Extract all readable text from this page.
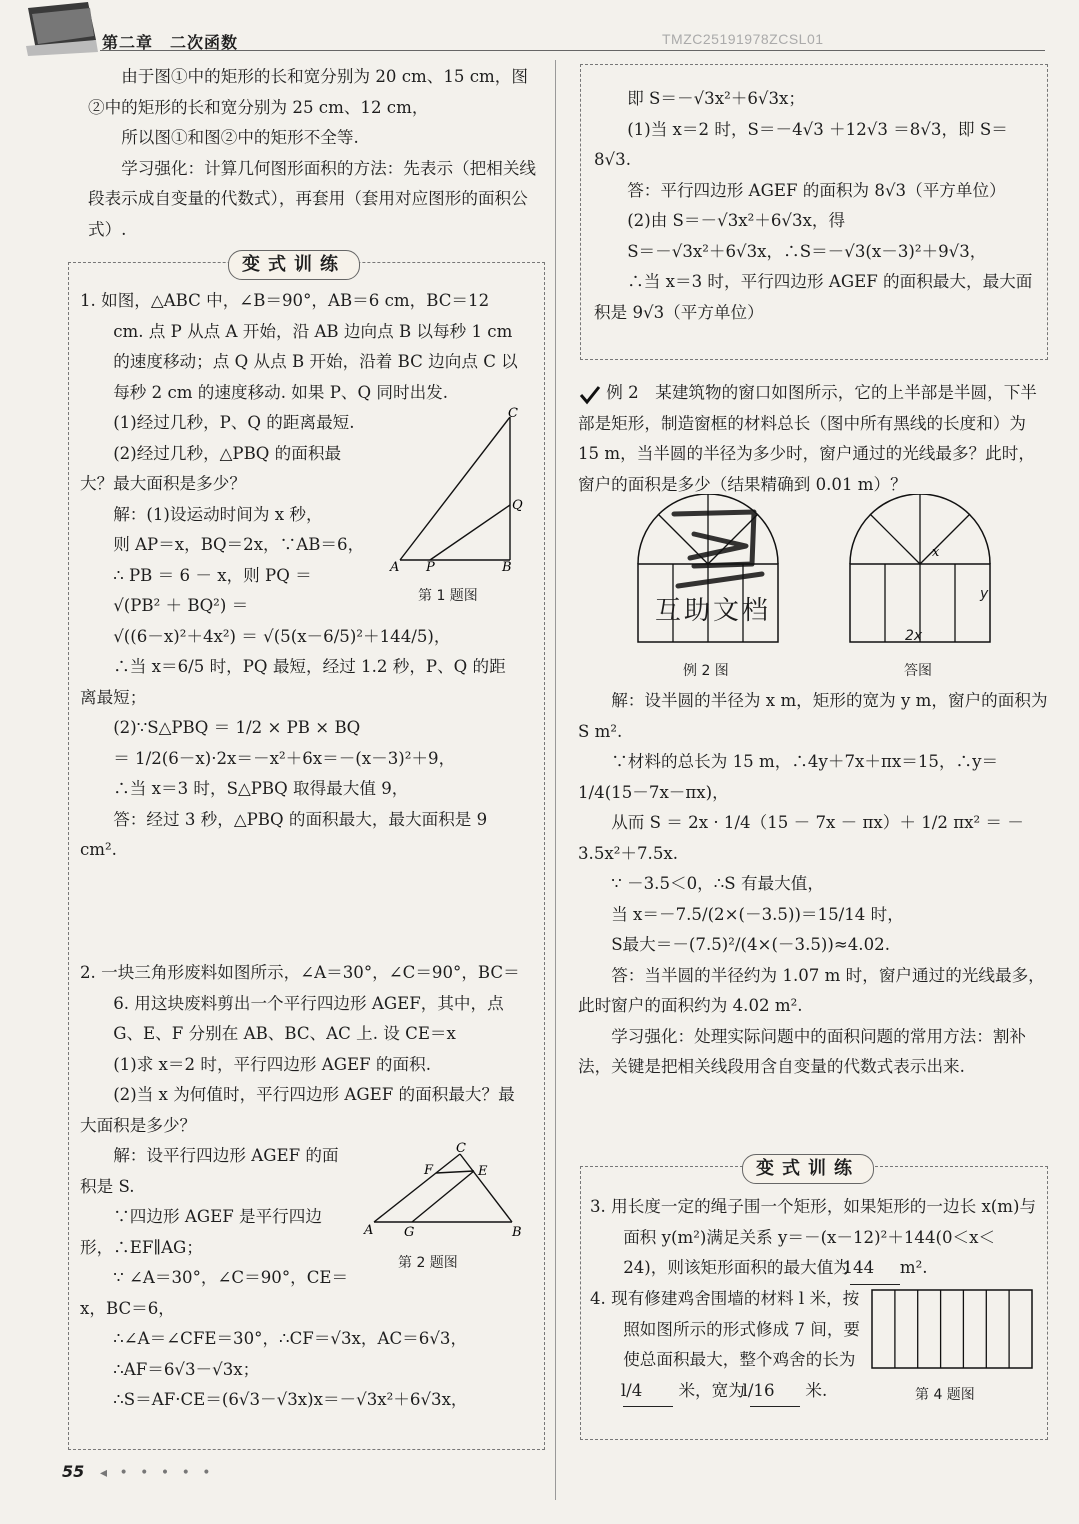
第二章　二次函数	TMZC25191978ZCSL01

由于图①中的矩形的长和宽分别为 20 cm、15 cm，图②中的矩形的长和宽分别为 25 cm、12 cm，

所以图①和图②中的矩形不全等.

学习强化：计算几何图形面积的方法：先表示（把相关线段表示成自变量的代数式），再套用（套用对应图形的面积公式）.

变式训练

1. 如图，△ABC 中，∠B＝90°，AB＝6 cm，BC＝12 cm. 点 P 从点 A 开始，沿 AB 边向点 B 以每秒 1 cm 的速度移动；点 Q 从点 B 开始，沿着 BC 边向点 C 以每秒 2 cm 的速度移动. 如果 P、Q 同时出发.

(1)经过几秒，P、Q 的距离最短.

(2)经过几秒，△PBQ 的面积最大？最大面积是多少？

解：(1)设运动时间为 x 秒，

则 AP＝x，BQ＝2x，∵AB＝6，

∴ PB ＝ 6 － x，则 PQ ＝

√(PB² ＋ BQ²) ＝

√((6－x)²＋4x²) ＝ √(5(x－6/5)²＋144/5)，

∴当 x＝6/5 时，PQ 最短，经过 1.2 秒，P、Q 的距离最短；

(2)∵S△PBQ ＝ 1/2 × PB × BQ

＝ 1/2(6－x)·2x＝－x²＋6x＝－(x－3)²＋9，

∴当 x＝3 时，S△PBQ 取得最大值 9，

答：经过 3 秒，△PBQ 的面积最大，最大面积是 9 cm².

A	B
C
P
Q
第 1 题图

2. 一块三角形废料如图所示，∠A＝30°，∠C＝90°，BC＝6. 用这块废料剪出一个平行四边形 AGEF，其中，点 G、E、F 分别在 AB、BC、AC 上. 设 CE＝x

(1)求 x＝2 时，平行四边形 AGEF 的面积.

(2)当 x 为何值时，平行四边形 AGEF 的面积最大？最大面积是多少？

解：设平行四边形 AGEF 的面积是 S.

∵四边形 AGEF 是平行四边形，∴EF∥AG；

∵ ∠A＝30°，∠C＝90°，CE＝x，BC＝6，

∴∠A＝∠CFE＝30°，∴CF＝√3x，AC＝6√3，

∴AF＝6√3－√3x；

∴S＝AF·CE＝(6√3－√3x)x＝－√3x²＋6√3x，

A	B
C
E
F
G
第 2 题图

即 S＝－√3x²＋6√3x；

(1)当 x＝2 时，S＝－4√3 ＋12√3 ＝8√3，即 S＝8√3.

答：平行四边形 AGEF 的面积为 8√3（平方单位）

(2)由 S＝－√3x²＋6√3x，得

S＝－√3x²＋6√3x，∴S＝－√3(x－3)²＋9√3，

∴当 x＝3 时，平行四边形 AGEF 的面积最大，最大面积是 9√3（平方单位）

例 2　某建筑物的窗口如图所示，它的上半部是半圆，下半部是矩形，制造窗框的材料总长（图中所有黑线的长度和）为 15 m，当半圆的半径为多少时，窗户通过的光线最多？此时，窗户的面积是多少（结果精确到 0.01 m）？

互助文档
例 2 图
x
y
2x
答图

解：设半圆的半径为 x m，矩形的宽为 y m，窗户的面积为 S m².

∵材料的总长为 15 m，∴4y＋7x＋πx＝15，∴y＝1/4(15－7x－πx)，

从而 S ＝ 2x · 1/4（15 － 7x － πx）＋ 1/2 πx² ＝ －3.5x²＋7.5x.

∵ －3.5＜0，∴S 有最大值，

当 x＝－7.5/(2×(－3.5))＝15/14 时，

S最大＝－(7.5)²/(4×(－3.5))≈4.02.

答：当半圆的半径约为 1.07 m 时，窗户通过的光线最多，此时窗户的面积约为 4.02 m².

学习强化：处理实际问题中的面积问题的常用方法：割补法，关键是把相关线段用含自变量的代数式表示出来.

变式训练

3. 用长度一定的绳子围一个矩形，如果矩形的一边长 x(m)与面积 y(m²)满足关系 y＝－(x－12)²＋144(0＜x＜24)，则该矩形面积的最大值为144 m².

4. 现有修建鸡舍围墙的材料 l 米，按照如图所示的形式修成 7 间，要使总面积最大，整个鸡舍的长为 l/4 米，宽为 l/16 米.	第 4 题图
55 ◂ • • • • •
